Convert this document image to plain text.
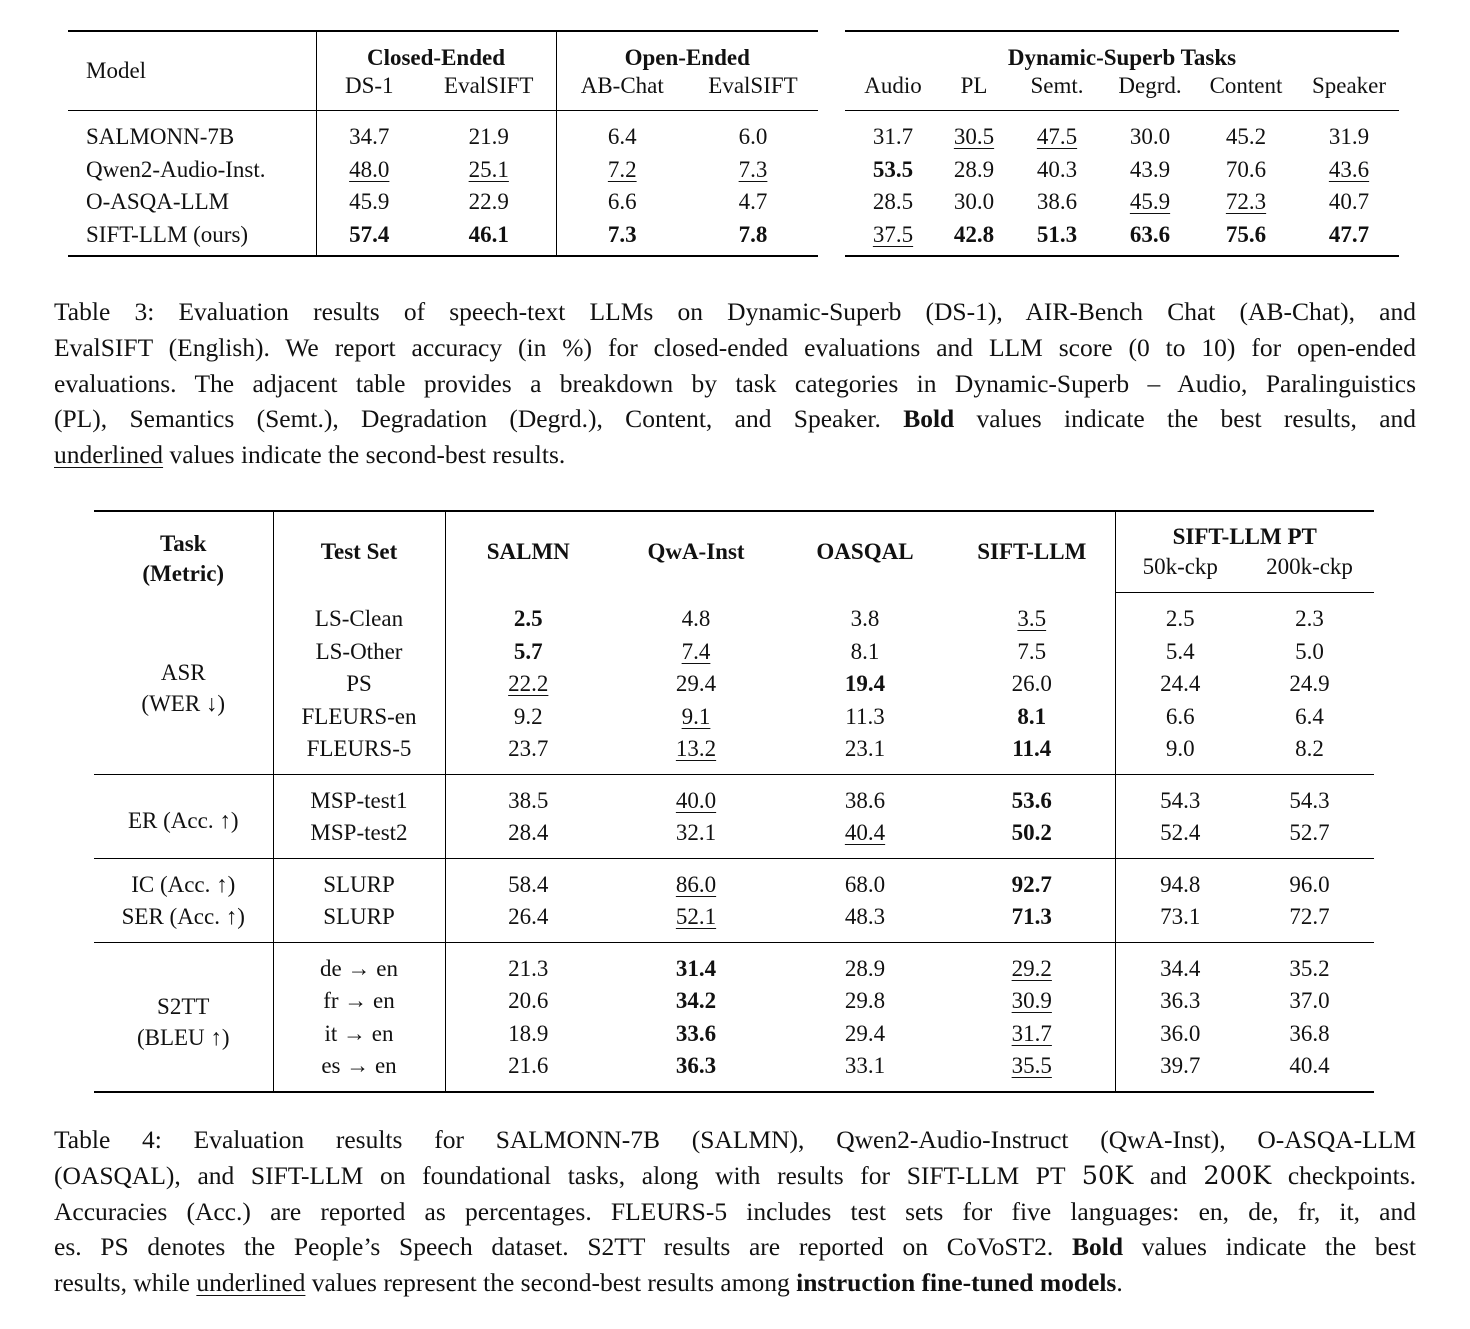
Model	Closed-Ended		Open-Ended	
	DS-1	EvalSIFT	AB-Chat	EvalSIFT
SALMONN-7B	34.7	21.9	6.4	6.0
Qwen2-Audio-Inst.	48.0	25.1	7.2	7.3
O-ASQA-LLM	45.9	22.9	6.6	4.7
SIFT-LLM (ours)	57.4	46.1	7.3	7.8
Dynamic-Superb Tasks					
Audio	PL	Semt.	Degrd.	Content	Speaker
31.7	30.5	47.5	30.0	45.2	31.9
53.5	28.9	40.3	43.9	70.6	43.6
28.5	30.0	38.6	45.9	72.3	40.7
37.5	42.8	51.3	63.6	75.6	47.7
Table 3: Evaluation results of speech-text LLMs on Dynamic-Superb (DS-1), AIR-Bench Chat (AB-Chat), and
EvalSIFT (English). We report accuracy (in %) for closed-ended evaluations and LLM score (0 to 10) for open-ended
evaluations. The adjacent table provides a breakdown by task categories in Dynamic-Superb – Audio, Paralinguistics
(PL), Semantics (Semt.), Degradation (Degrd.), Content, and Speaker. Bold values indicate the best results, and
underlined values indicate the second-best results.
Task
(Metric)	Test Set	SALMN	QwA-Inst	OASQAL	SIFT-LLM	SIFT-LLM PT	
						50k-ckp	200k-ckp
ASR
(WER ↓)	LS-Clean	2.5	4.8	3.8	3.5	2.5	2.3
	LS-Other	5.7	7.4	8.1	7.5	5.4	5.0
	PS	22.2	29.4	19.4	26.0	24.4	24.9
	FLEURS-en	9.2	9.1	11.3	8.1	6.6	6.4
	FLEURS-5	23.7	13.2	23.1	11.4	9.0	8.2
ER (Acc. ↑)	MSP-test1	38.5	40.0	38.6	53.6	54.3	54.3
	MSP-test2	28.4	32.1	40.4	50.2	52.4	52.7
IC (Acc. ↑)	SLURP	58.4	86.0	68.0	92.7	94.8	96.0
SER (Acc. ↑)	SLURP	26.4	52.1	48.3	71.3	73.1	72.7
S2TT
(BLEU ↑)	de → en	21.3	31.4	28.9	29.2	34.4	35.2
	fr → en	20.6	34.2	29.8	30.9	36.3	37.0
	it → en	18.9	33.6	29.4	31.7	36.0	36.8
	es → en	21.6	36.3	33.1	35.5	39.7	40.4
Table 4: Evaluation results for SALMONN-7B (SALMN), Qwen2-Audio-Instruct (QwA-Inst), O-ASQA-LLM
(OASQAL), and SIFT-LLM on foundational tasks, along with results for SIFT-LLM PT 50K and 200K checkpoints.
Accuracies (Acc.) are reported as percentages. FLEURS-5 includes test sets for five languages: en, de, fr, it, and
es. PS denotes the People’s Speech dataset. S2TT results are reported on CoVoST2. Bold values indicate the best
results, while underlined values represent the second-best results among instruction fine-tuned models.
